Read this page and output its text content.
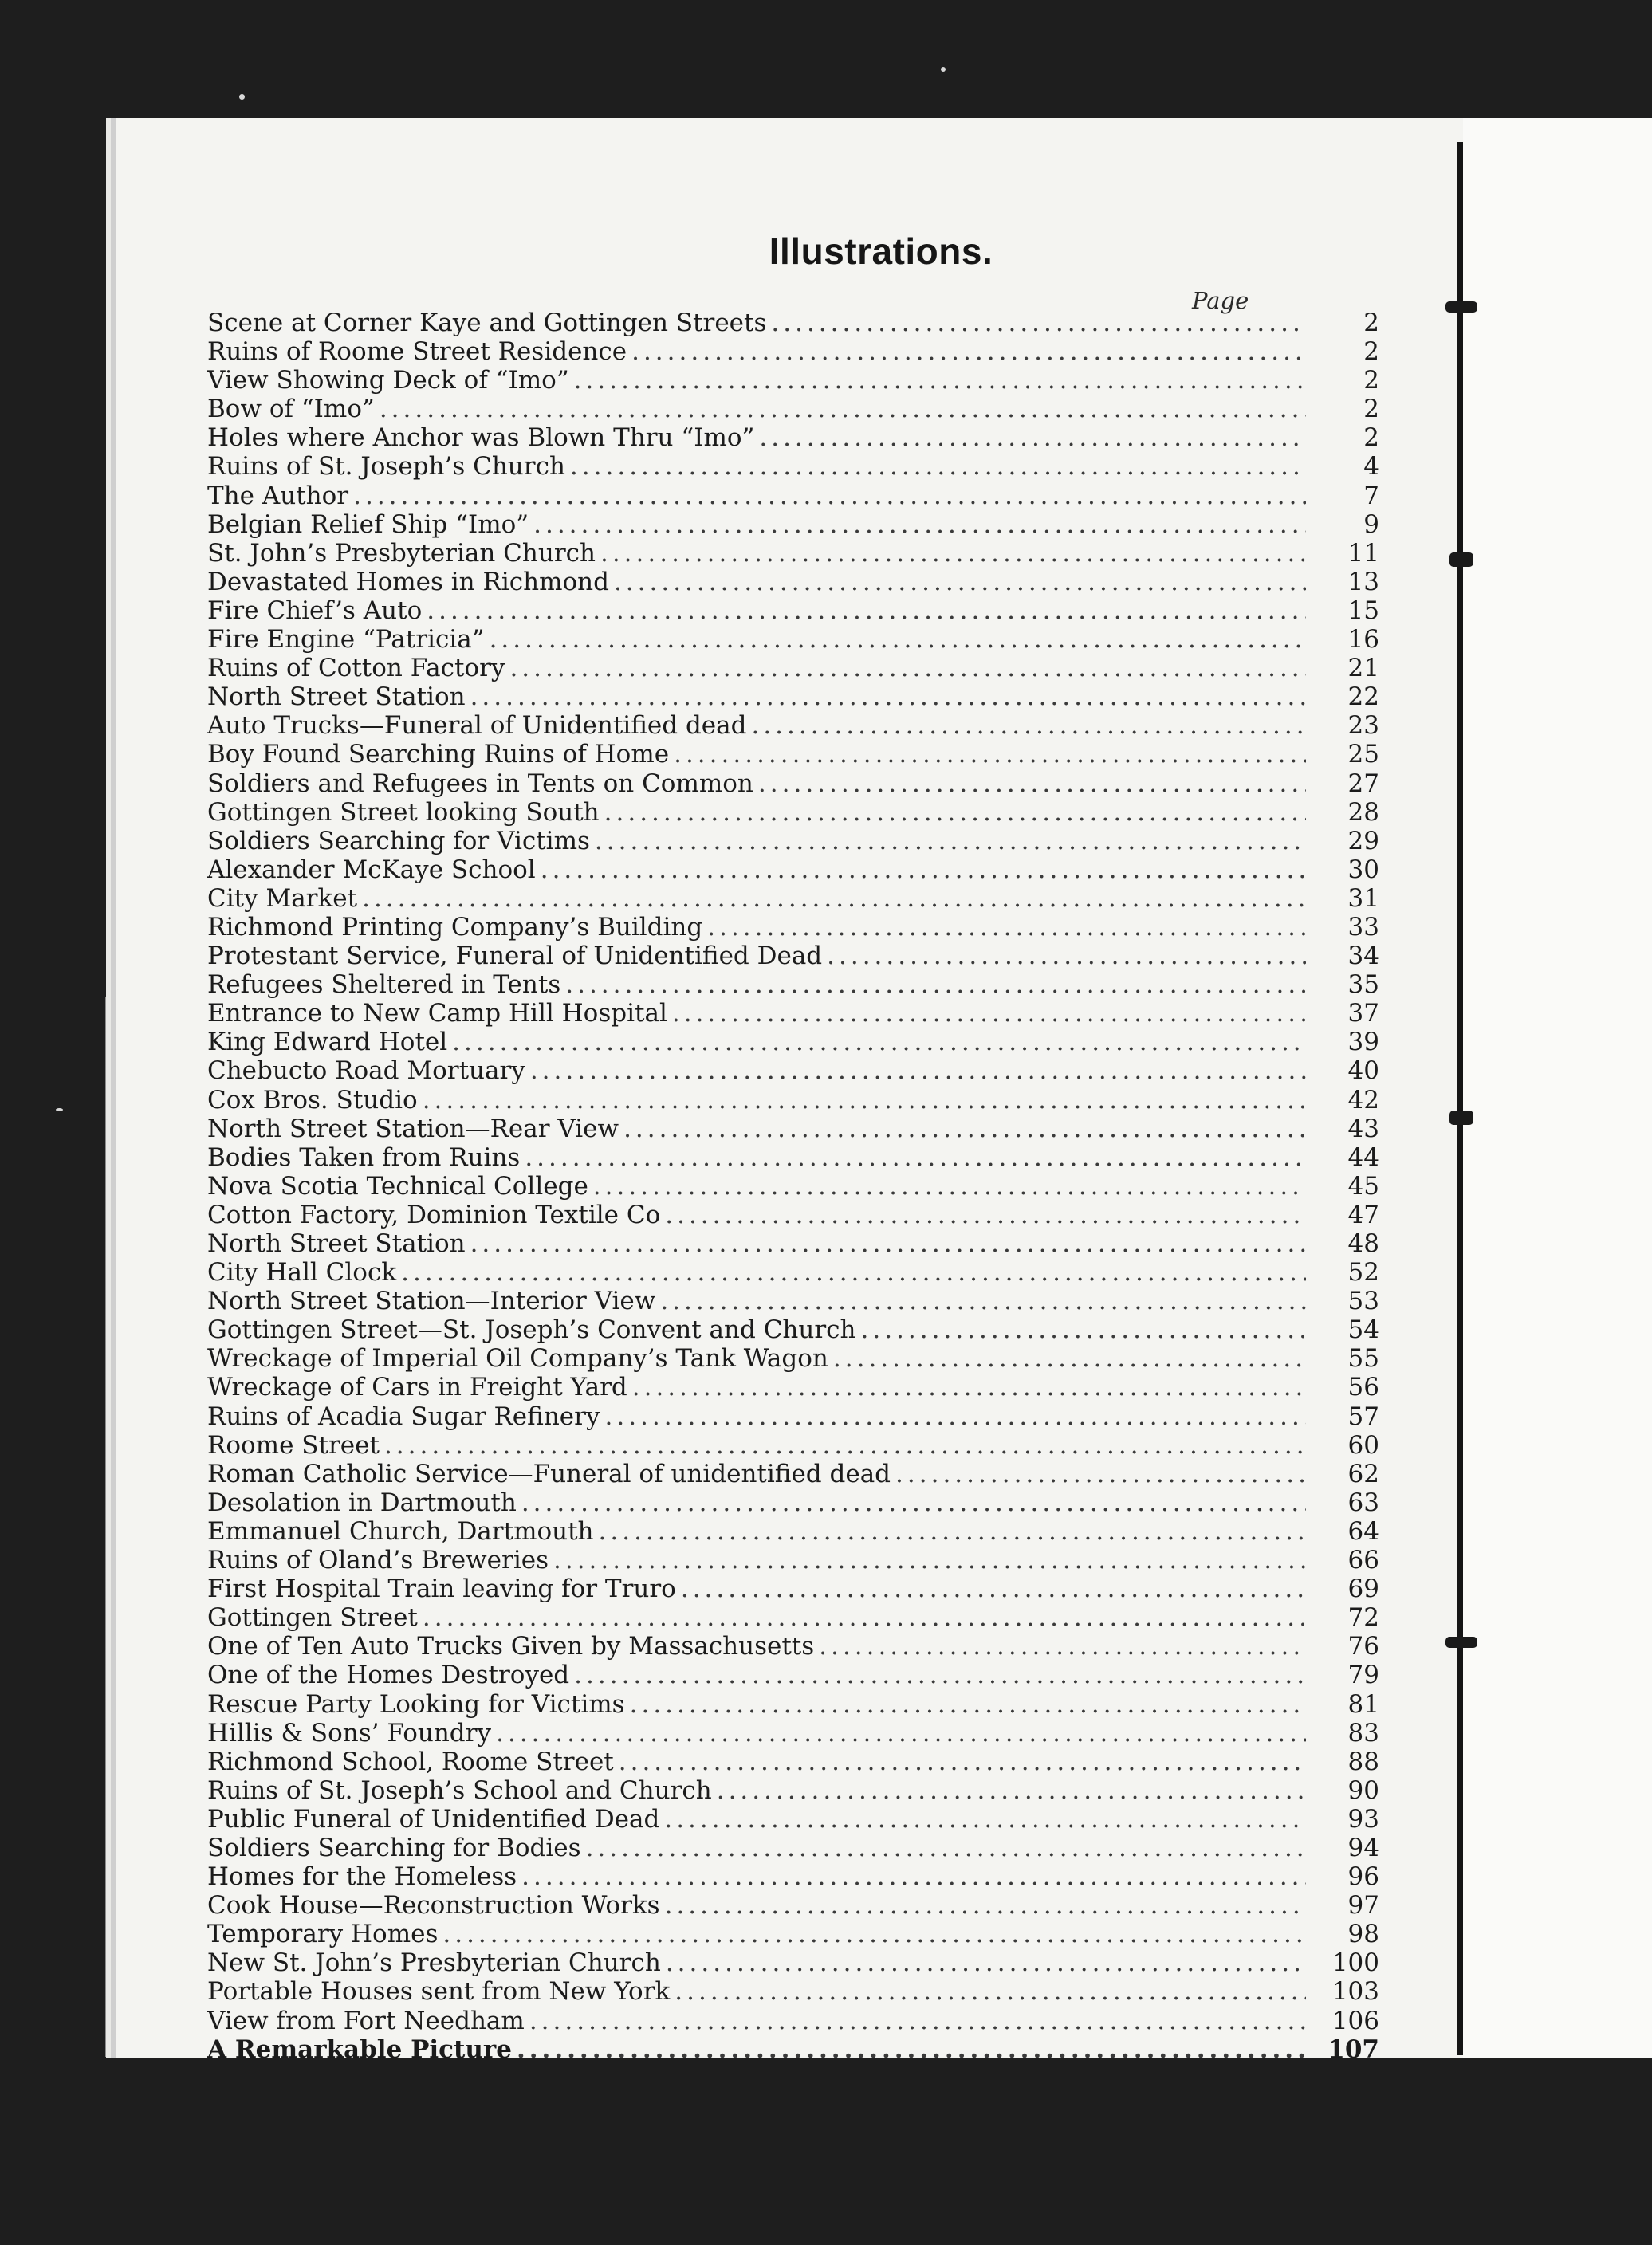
Illustrations.
Page
Scene at Corner Kaye and Gottingen Streets .....	2
Ruins of Roome Street Residence .....	2
View Showing Deck of “Imo” .....	2
Bow of “Imo” .....	2
Holes where Anchor was Blown Thru “Imo” .....	2
Ruins of St. Joseph’s Church .....	4
The Author .....	7
Belgian Relief Ship “Imo” .....	9
St. John’s Presbyterian Church .....	11
Devastated Homes in Richmond .....	13
Fire Chief’s Auto .....	15
Fire Engine “Patricia” .....	16
Ruins of Cotton Factory .....	21
North Street Station .....	22
Auto Trucks—Funeral of Unidentified dead .....	23
Boy Found Searching Ruins of Home .....	25
Soldiers and Refugees in Tents on Common .....	27
Gottingen Street looking South .....	28
Soldiers Searching for Victims .....	29
Alexander McKaye School .....	30
City Market .....	31
Richmond Printing Company’s Building .....	33
Protestant Service, Funeral of Unidentified Dead .....	34
Refugees Sheltered in Tents .....	35
Entrance to New Camp Hill Hospital .....	37
King Edward Hotel .....	39
Chebucto Road Mortuary .....	40
Cox Bros. Studio .....	42
North Street Station—Rear View .....	43
Bodies Taken from Ruins .....	44
Nova Scotia Technical College .....	45
Cotton Factory, Dominion Textile Co .....	47
North Street Station .....	48
City Hall Clock .....	52
North Street Station—Interior View .....	53
Gottingen Street—St. Joseph’s Convent and Church .....	54
Wreckage of Imperial Oil Company’s Tank Wagon .....	55
Wreckage of Cars in Freight Yard .....	56
Ruins of Acadia Sugar Refinery .....	57
Roome Street .....	60
Roman Catholic Service—Funeral of unidentified dead .....	62
Desolation in Dartmouth .....	63
Emmanuel Church, Dartmouth .....	64
Ruins of Oland’s Breweries .....	66
First Hospital Train leaving for Truro .....	69
Gottingen Street .....	72
One of Ten Auto Trucks Given by Massachusetts .....	76
One of the Homes Destroyed .....	79
Rescue Party Looking for Victims .....	81
Hillis & Sons’ Foundry .....	83
Richmond School, Roome Street .....	88
Ruins of St. Joseph’s School and Church .....	90
Public Funeral of Unidentified Dead .....	93
Soldiers Searching for Bodies .....	94
Homes for the Homeless .....	96
Cook House—Reconstruction Works .....	97
Temporary Homes .....	98
New St. John’s Presbyterian Church .....	100
Portable Houses sent from New York .....	103
View from Fort Needham .....	106
A Remarkable Picture .....	107
